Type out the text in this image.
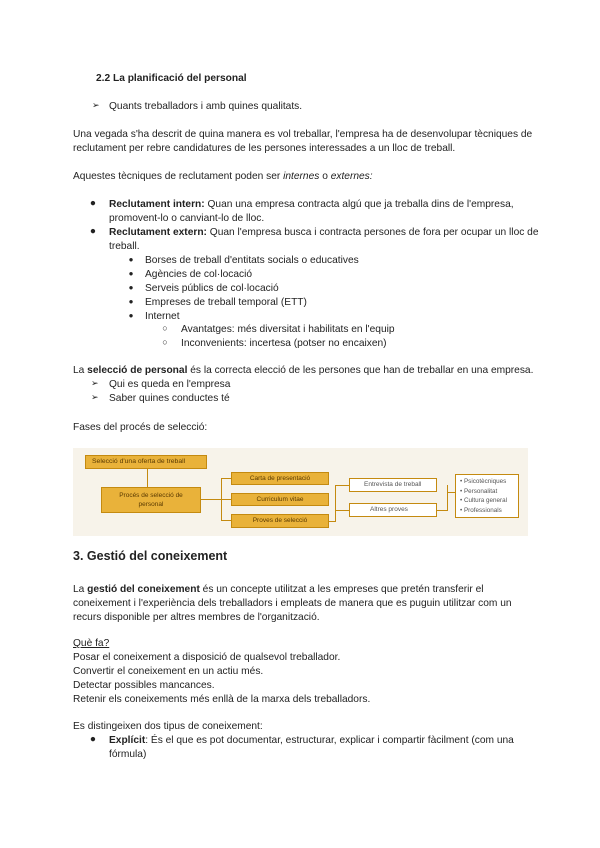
2.2 La planificació del personal
➢ Quants treballadors i amb quines qualitats.
Una vegada s'ha descrit de quina manera es vol treballar, l'empresa ha de desenvolupar tècniques de
reclutament per rebre candidatures de les persones interessades a un lloc de treball.
Aquestes tècniques de reclutament poden ser internes o externes:
● Reclutament intern: Quan una empresa contracta algú que ja treballa dins de l'empresa,
promovent-lo o canviant-lo de lloc.
● Reclutament extern: Quan l'empresa busca i contracta persones de fora per ocupar un lloc de
treball.
● Borses de treball d'entitats socials o educatives
● Agències de col·locació
● Serveis públics de col·locació
● Empreses de treball temporal (ETT)
● Internet
○ Avantatges: més diversitat i habilitats en l'equip
○ Inconvenients: incertesa (potser no encaixen)
La selecció de personal és la correcta elecció de les persones que han de treballar en una empresa.
➢ Qui es queda en l'empresa
➢ Saber quines conductes té
Fases del procés de selecció:
Selecció d'una oferta de treball
Procés de selecció de personal
Carta de presentació
Curriculum vitae
Proves de selecció
Entrevista de treball
Altres proves
• Psicotècniques
• Personalitat
• Cultura general
• Professionals
3. Gestió del coneixement
La gestió del coneixement és un concepte utilitzat a les empreses que pretén transferir el
coneixement i l'experiència dels treballadors i empleats de manera que es puguin utilitzar com un
recurs disponible per altres membres de l'organització.
Què fa?
Posar el coneixement a disposició de qualsevol treballador.
Convertir el coneixement en un actiu més.
Detectar possibles mancances.
Retenir els coneixements més enllà de la marxa dels treballadors.
Es distingeixen dos tipus de coneixement:
● Explícit: És el que es pot documentar, estructurar, explicar i compartir fàcilment (com una
fórmula)
